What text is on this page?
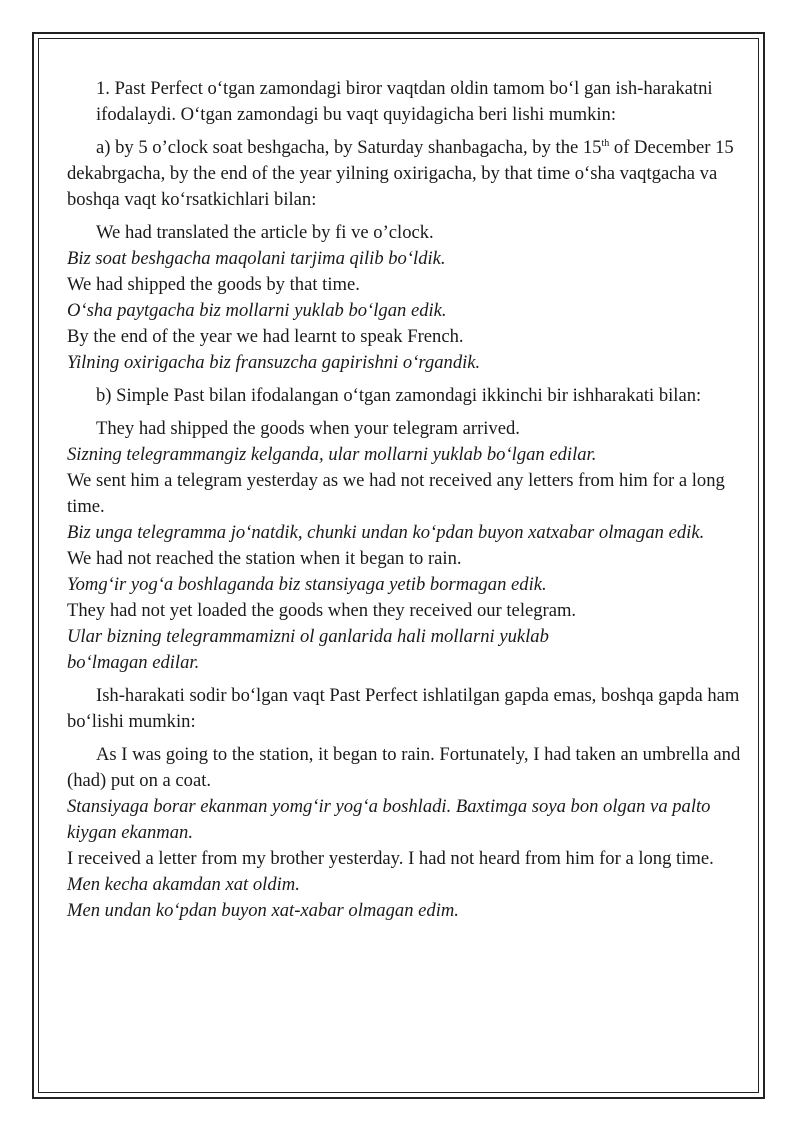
1. Past Perfect o‘tgan zamondagi biror vaqtdan oldin tamom bo‘l gan ish-harakatni ifodalaydi. O‘tgan zamondagi bu vaqt quyidagicha beri lishi mumkin:

a) by 5 o’clock soat beshgacha, by Saturday shanbagacha, by the 15th of December 15 dekabrgacha, by the end of the year yilning oxirigacha, by that time o‘sha vaqtgacha va boshqa vaqt ko‘rsatkichlari bilan:

We had translated the article by fi ve o’clock.

Biz soat beshgacha maqolani tarjima qilib bo‘ldik.

We had shipped the goods by that time.

O‘sha paytgacha biz mollarni yuklab bo‘lgan edik.

By the end of the year we had learnt to speak French.

Yilning oxirigacha biz fransuzcha gapirishni o‘rgandik.

b) Simple Past bilan ifodalangan o‘tgan zamondagi ikkinchi bir ishharakati bilan:

They had shipped the goods when your telegram arrived.

Sizning telegrammangiz kelganda, ular mollarni yuklab bo‘lgan edilar.

We sent him a telegram yesterday as we had not received any letters from him for a long time.

Biz unga telegramma jo‘natdik, chunki undan ko‘pdan buyon xatxabar olmagan edik.

We had not reached the station when it began to rain.

Yomg‘ir yog‘a boshlaganda biz stansiyaga yetib bormagan edik.

They had not yet loaded the goods when they received our telegram.

Ular bizning telegrammamizni ol ganlarida hali mollarni yuklab

bo‘lmagan edilar.

Ish-harakati sodir bo‘lgan vaqt Past Perfect ishlatilgan gapda emas, boshqa gapda ham bo‘lishi mumkin:

As I was going to the station, it began to rain. Fortunately, I had taken an umbrella and (had) put on a coat.

Stansiyaga borar ekanman yomg‘ir yog‘a boshladi. Baxtimga soya bon olgan va palto kiygan ekanman.

I received a letter from my brother yesterday. I had not heard from him for a long time.

Men kecha akamdan xat oldim.

Men undan ko‘pdan buyon xat-xabar olmagan edim.
